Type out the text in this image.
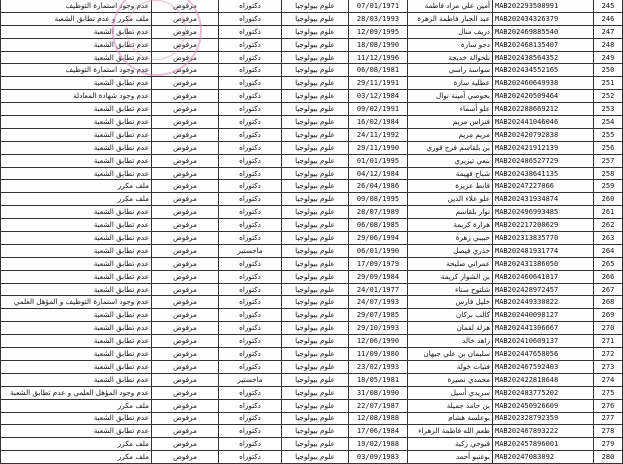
عدم وجود استمارة التوظيف	مرفوض	دكتوراه	علوم بيولوجيا	07/01/1971	أمين علي مراد فاطمة	MAB202293500991	245
ملف مكرر و عدم تطابق الشعبة	مرفوض	دكتوراه	علوم بيولوجيا	28/03/1993	عبد الجبار فاطمة الزهرة	MAB202434326379	246
عدم تطابق الشعبة	مرفوض	دكتوراه	علوم بيولوجيا	12/09/1995	دريف منال	MAB202469885540	247
عدم تطابق الشعبة	مرفوض	دكتوراه	علوم بيولوجيا	18/08/1990	دحو سارة	MAB202468135407	248
عدم تطابق الشعبة	مرفوض	دكتوراه	علوم بيولوجيا	11/12/1996	بلحوالة خديجة	MAB202438564352	249
عدم وجود استمارة التوظيف	مرفوض	دكتوراه	علوم بيولوجيا	06/08/1981	سواسة راسي	MAB202434552165	250
عدم تطابق الشعبة	مرفوض	دكتوراه	علوم بيولوجيا	29/11/1991	عطلية سارة	MAB202460649938	251
عدم وجود شهادة المعادلة	مرفوض	دكتوراه	علوم بيولوجيا	03/12/1984	بحوصي آمينة نوال	MAB202420509464	252
عدم تطابق الشعبة	مرفوض	دكتوراه	علوم بيولوجيا	09/02/1991	علو أسماء	MAB202288669212	253
عدم تطابق الشعبة	مرفوض	دكتوراه	علوم بيولوجيا	16/02/1984	فنزاس مريم	MAB202441046046	254
عدم تطابق الشعبة	مرفوض	دكتوراه	علوم بيولوجيا	24/11/1992	مريم مريم	MAB202420792838	255
عدم تطابق الشعبة	مرفوض	دكتوراه	علوم بيولوجيا	29/11/1990	بن بلقاسم فرح قوري	MAB202421912139	256
عدم تطابق الشعبة	مرفوض	دكتوراه	علوم بيولوجيا	01/01/1995	بنعي تيزيري	MAB202486527729	257
عدم تطابق الشعبة	مرفوض	دكتوراه	علوم بيولوجيا	04/12/1984	شباح فهيمة	MAB202438641135	258
ملف مكرر	مرفوض	دكتوراه	علوم بيولوجيا	26/04/1986	قانط عزيزة	MAB20247227066	259
ملف مكرر	مرفوض	دكتوراه	علوم بيولوجيا	09/08/1995	علو علاء الدين	MAB202431934874	260
عدم تطابق الشعبة	مرفوض	دكتوراه	علوم بيولوجيا	28/07/1989	نوار بلقاسم	MAB202496993485	261
عدم تطابق الشعبة	مرفوض	دكتوراه	علوم بيولوجيا	06/08/1985	هرارة كريمة	MAB202217200629	262
عدم تطابق الشعبة	مرفوض	دكتوراه	علوم بيولوجيا	29/06/1994	حبيبي زهرة	MAB202313835770	263
عدم تطابق الشعبة	مرفوض	ماجستير	علوم بيولوجيا	06/01/1990	خذري فيصل	MAB202481931774	264
عدم تطابق الشعبة	مرفوض	دكتوراه	علوم بيولوجيا	17/09/1979	عمراني صليحة	MAB202431386050	265
عدم تطابق الشعبة	مرفوض	دكتوراه	علوم بيولوجيا	29/09/1984	بن الشوار كريمة	MAB202460641817	266
عدم تطابق الشعبة	مرفوض	دكتوراه	علوم بيولوجيا	24/01/1977	شلتوح سناء	MAB202428972457	267
عدم وجود استمارة التوظيف و المؤهل العلمي	مرفوض	دكتوراه	علوم بيولوجيا	24/07/1993	خليل فارس	MAB202449330822	268
عدم تطابق الشعبة	مرفوض	دكتوراه	علوم بيولوجيا	29/07/1985	كالب بركان	MAB202440098127	269
عدم تطابق الشعبة	مرفوض	دكتوراه	علوم بيولوجيا	29/10/1993	هزلة لقمان	MAB202441306667	270
عدم تطابق الشعبة	مرفوض	دكتوراه	علوم بيولوجيا	12/06/1990	زاهد خالد	MAB202410609137	271
عدم تطابق الشعبة	مرفوض	دكتوراه	علوم بيولوجيا	11/09/1980	سليمان بن علي جيهان	MAB202447658056	272
عدم تطابق الشعبة	مرفوض	دكتوراه	علوم بيولوجيا	23/02/1993	فتيات خولة	MAB202467592403	273
عدم تطابق الشعبة	مرفوض	ماجستير	علوم بيولوجيا	18/05/1981	محمدي نصيرة	MAB202422818648	274
عدم وجود المؤهل العلمي و عدم تطابق الشعبة	مرفوض	دكتوراه	علوم بيولوجيا	31/08/1990	سريدي أسيل	MAB202483775202	275
ملف مكرر	مرفوض	دكتوراه	علوم بيولوجيا	22/07/1987	بن حامد جميلة	MAB202450926609	276
عدم تطابق الشعبة	مرفوض	دكتوراه	علوم بيولوجيا	12/08/1988	بوعلسة هشام	MAB202328792359	277
عدم تطابق الشعبة	مرفوض	دكتوراه	علوم بيولوجيا	17/06/1984	طعم الله فاطمة الزهراء	MAB202467893222	278
ملف مكرر	مرفوض	دكتوراه	علوم بيولوجيا	19/02/1988	قبوجي زكية	MAB202457896001	279
ملف مكرر	مرفوض	دكتوراه	علوم بيولوجيا	03/09/1983	بوغنبو أحمد	MAB20247083092	280
